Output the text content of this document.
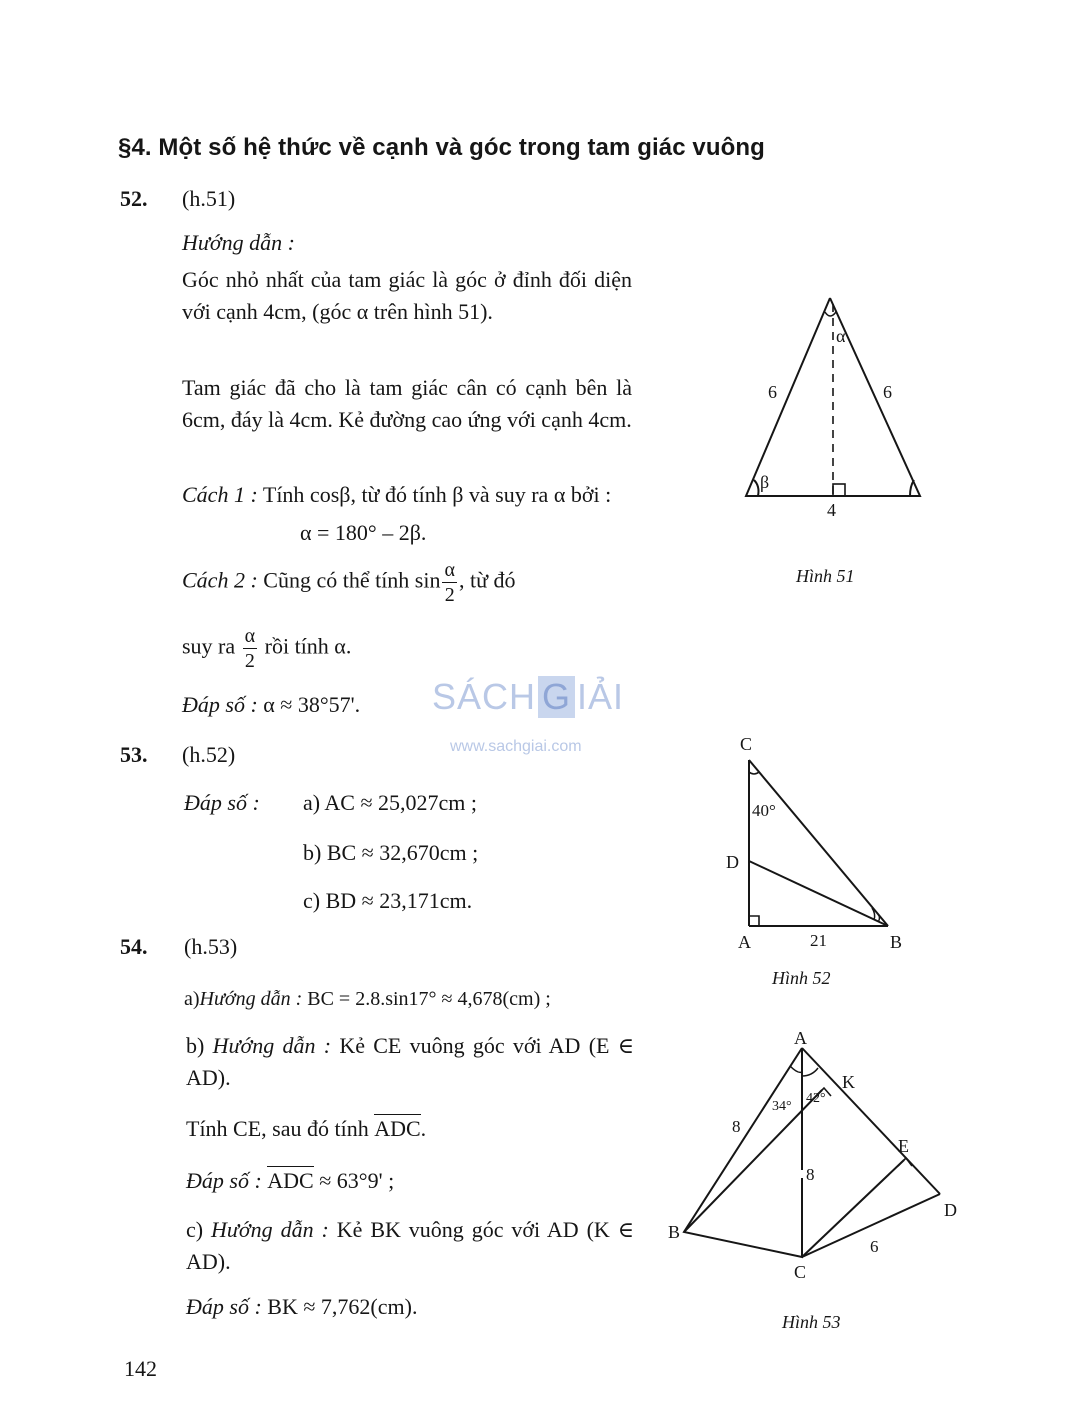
§4. Một số hệ thức về cạnh và góc trong tam giác vuông
52. (h.51)
Hướng dẫn :
Góc nhỏ nhất của tam giác là góc ở đỉnh đối diện với cạnh 4cm, (góc α trên hình 51).
Tam giác đã cho là tam giác cân có cạnh bên là 6cm, đáy là 4cm. Kẻ đường cao ứng với cạnh 4cm.
Cách 1 : Tính cosβ, từ đó tính β và suy ra α bởi :
α = 180° – 2β.
Cách 2 : Cũng có thể tính $\sin \frac{\alpha}{2}$ , từ đó
suy ra $\frac{\alpha}{2}$ rồi tính α.
Đáp số : α ≈ 38°57'. SÁCH G IẢI
www.sachgiai.com
53. (h.52)
Đáp số : a) AC ≈ 25,027cm ;
b) BC ≈ 32,670cm ;
c) BD ≈ 23,171cm.
54. (h.53)
a)Hướng dẫn : BC = 2.8.sin17° ≈ 4,678(cm) ;
b) Hướng dẫn : Kẻ CE vuông góc với AD (E ∈ AD).
Tính CE, sau đó tính ADC.
Đáp số : ADC ≈ 63°9' ;
c) Hướng dẫn : Kẻ BK vuông góc với AD (K ∈ AD).
Đáp số : BK ≈ 7,762(cm).
142
6	6
4
α
β
Hình 51
C
D
A	B
40°
21
Hình 52
A
K
E
D
B
C
34°
42°
8
8
6
Hình 53
